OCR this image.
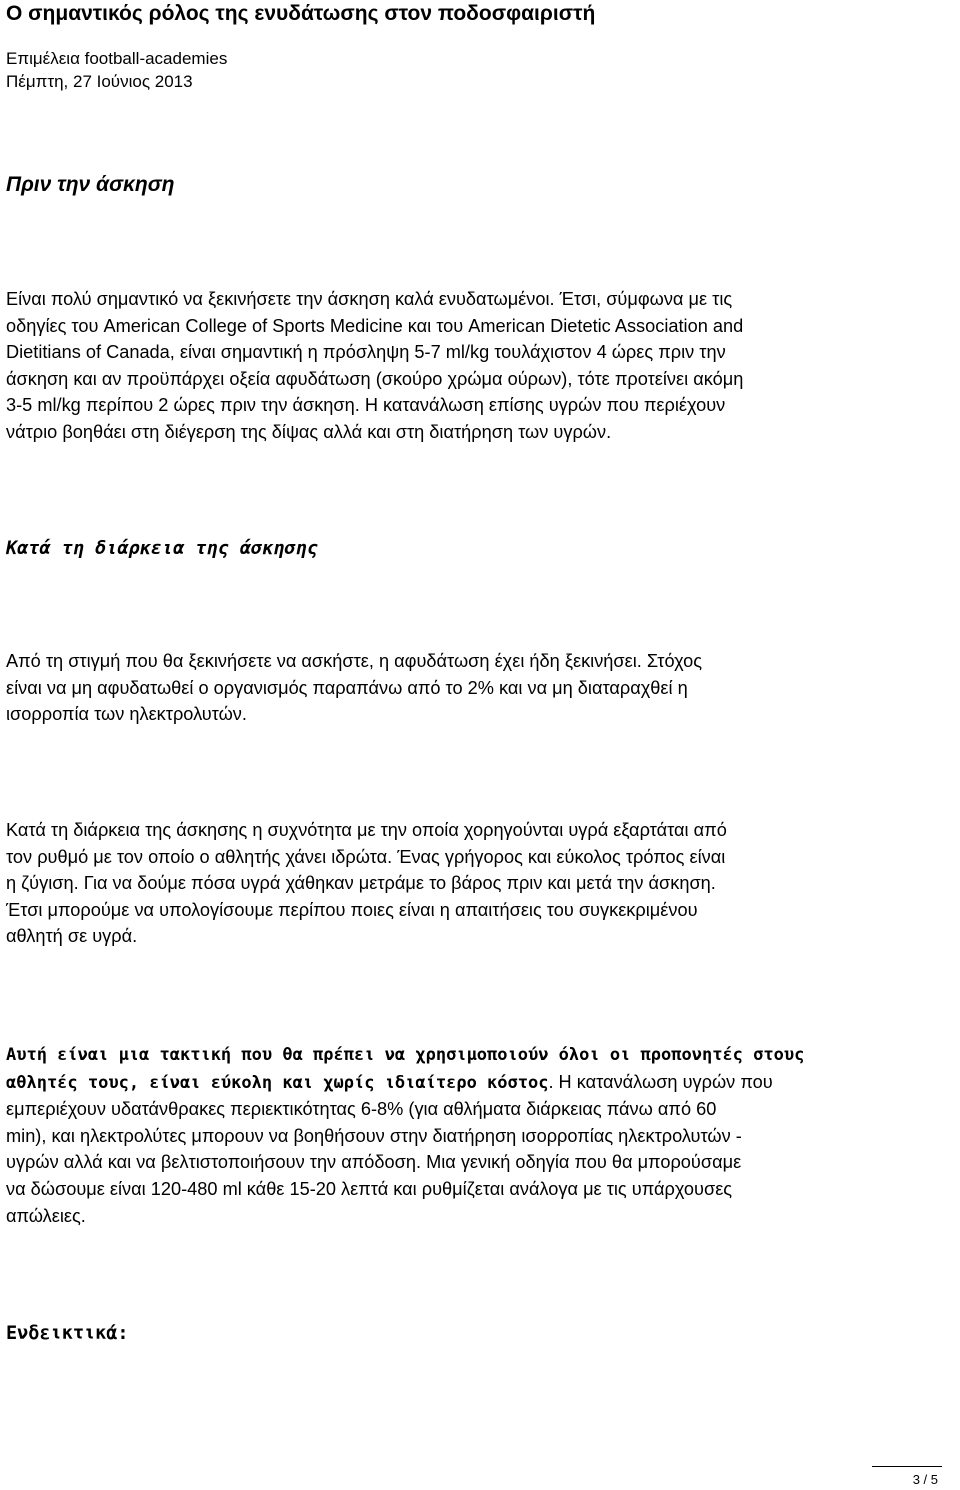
Ο σημαντικός ρόλος της ενυδάτωσης στον ποδοσφαιριστή
Επιμέλεια football-academies
Πέμπτη, 27 Ιούνιος 2013
Πριν την άσκηση

Είναι πολύ σημαντικό να ξεκινήσετε την άσκηση καλά ενυδατωμένοι. Έτσι, σύμφωνα με τις
οδηγίες του American College of Sports Medicine και του American Dietetic Association and
Dietitians of Canada, είναι σημαντική η πρόσληψη 5-7 ml/kg τουλάχιστον 4 ώρες πριν την
άσκηση και αν προϋπάρχει οξεία αφυδάτωση (σκούρο χρώμα ούρων), τότε προτείνει ακόμη
3-5 ml/kg περίπου 2 ώρες πριν την άσκηση. Η κατανάλωση επίσης υγρών που περιέχουν
νάτριο βοηθάει στη διέγερση της δίψας αλλά και στη διατήρηση των υγρών.

Κατά τη διάρκεια της άσκησης

Από τη στιγμή που θα ξεκινήσετε να ασκήστε, η αφυδάτωση έχει ήδη ξεκινήσει. Στόχος
είναι να μη αφυδατωθεί ο οργανισμός παραπάνω από το 2% και να μη διαταραχθεί η
ισορροπία των ηλεκτρολυτών.

Κατά τη διάρκεια της άσκησης η συχνότητα με την οποία χορηγούνται υγρά εξαρτάται από
τον ρυθμό με τον οποίο ο αθλητής χάνει ιδρώτα. Ένας γρήγορος και εύκολος τρόπος είναι
η ζύγιση. Για να δούμε πόσα υγρά χάθηκαν μετράμε το βάρος πριν και μετά την άσκηση.
Έτσι μπορούμε να υπολογίσουμε περίπου ποιες είναι η απαιτήσεις του συγκεκριμένου
αθλητή σε υγρά.

Αυτή είναι μια τακτική που θα πρέπει να χρησιμοποιούν όλοι οι προπονητές στους
αθλητές τους, είναι εύκολη και χωρίς ιδιαίτερο κόστος. Η κατανάλωση υγρών που
εμπεριέχουν υδατάνθρακες περιεκτικότητας 6-8% (για αθλήματα διάρκειας πάνω από 60
min), και ηλεκτρολύτες μπορουν να βοηθήσουν στην διατήρηση ισορροπίας ηλεκτρολυτών -
υγρών αλλά και να βελτιστοποιήσουν την απόδοση. Μια γενική οδηγία που θα μπορούσαμε
να δώσουμε είναι 120-480 ml κάθε 15-20 λεπτά και ρυθμίζεται ανάλογα με τις υπάρχουσες
απώλειες.

Ενδεικτικά:
3 / 5
